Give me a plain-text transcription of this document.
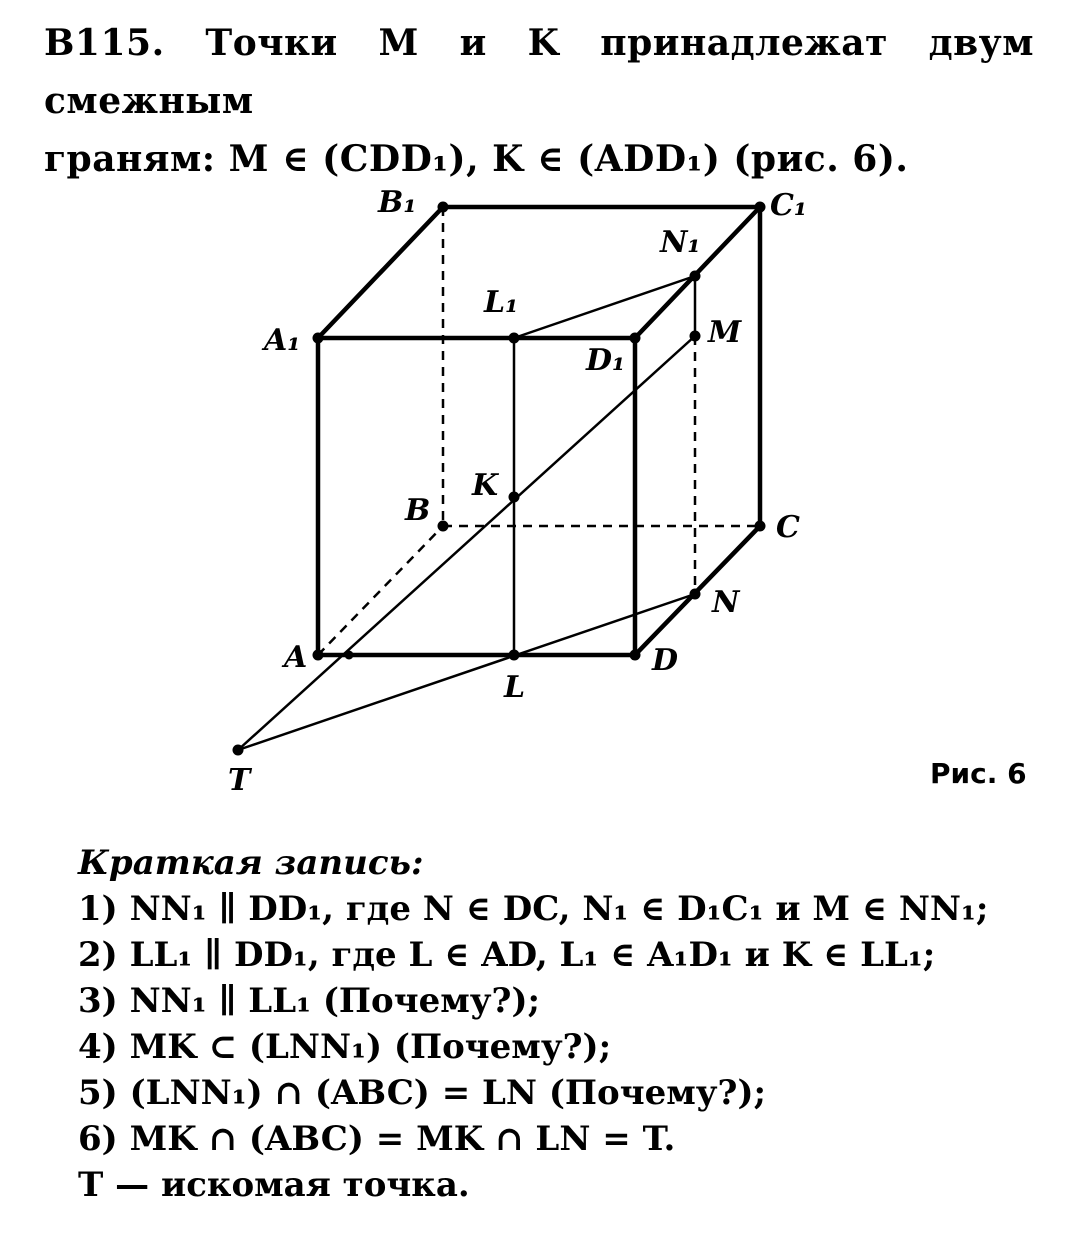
В115. Точки M и K принадлежат двум смежным
граням: M ∈ (CDD₁), K ∈ (ADD₁) (рис. 6).
B₁	C₁
N₁
L₁
M
A₁
D₁
K
B	C
N
A	D
L
T	Рис. 6
Краткая запись:
1) NN₁ ∥ DD₁, где N ∈ DC, N₁ ∈ D₁C₁ и M ∈ NN₁;
2) LL₁ ∥ DD₁, где L ∈ AD, L₁ ∈ A₁D₁ и K ∈ LL₁;
3) NN₁ ∥ LL₁ (Почему?);
4) MK ⊂ (LNN₁) (Почему?);
5) (LNN₁) ∩ (ABC) = LN (Почему?);
6) MK ∩ (ABC) = MK ∩ LN = T.
T — искомая точка.
